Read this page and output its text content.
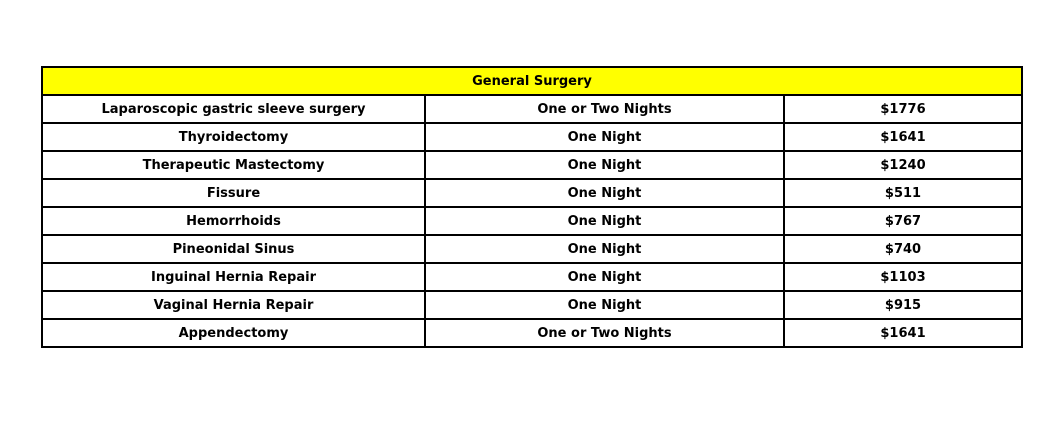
General Surgery		
Laparoscopic gastric sleeve surgery	One or Two Nights	$1776
Thyroidectomy	One Night	$1641
Therapeutic Mastectomy	One Night	$1240
Fissure	One Night	$511
Hemorrhoids	One Night	$767
Pineonidal Sinus	One Night	$740
Inguinal Hernia Repair	One Night	$1103
Vaginal Hernia Repair	One Night	$915
Appendectomy	One or Two Nights	$1641
